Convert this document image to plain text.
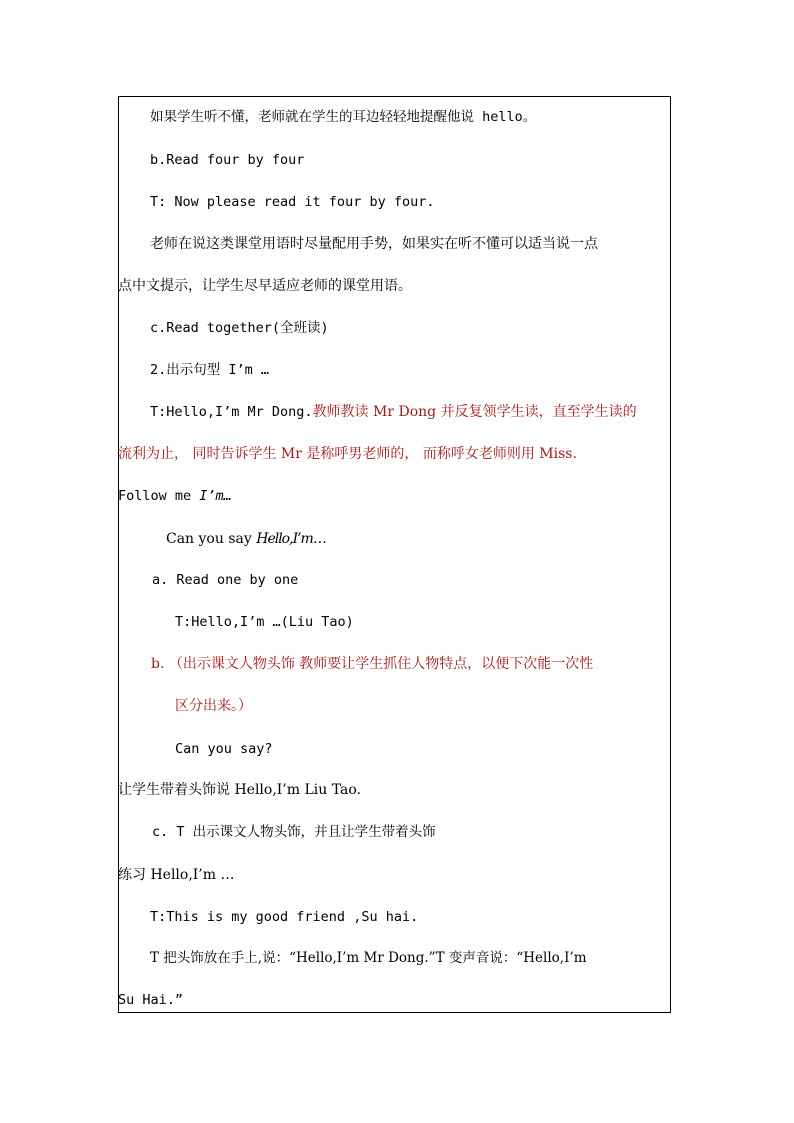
如果学生听不懂，老师就在学生的耳边轻轻地提醒他说 hello。
b.Read four by four
T: Now please read it four by four.
老师在说这类课堂用语时尽量配用手势，如果实在听不懂可以适当说一点
点中文提示，让学生尽早适应老师的课堂用语。
c.Read together(全班读)
2.出示句型 I’m …
T:Hello,I’m Mr Dong.教师教读 Mr Dong 并反复领学生读，直至学生读的
流利为止， 同时告诉学生 Mr 是称呼男老师的， 而称呼女老师则用 Miss.
Follow me I’m…
Can you say Hello,I’m…
a. Read one by one
T:Hello,I’m …(Liu Tao)
b. （出示课文人物头饰 教师要让学生抓住人物特点，以便下次能一次性
区分出来。）
Can you say?
让学生带着头饰说 Hello,I’m Liu Tao.
c. T 出示课文人物头饰，并且让学生带着头饰
练习 Hello,I’m …
T:This is my good friend ,Su hai.
T 把头饰放在手上,说：“Hello,I’m Mr Dong.”T 变声音说：“Hello,I’m
Su Hai.”
